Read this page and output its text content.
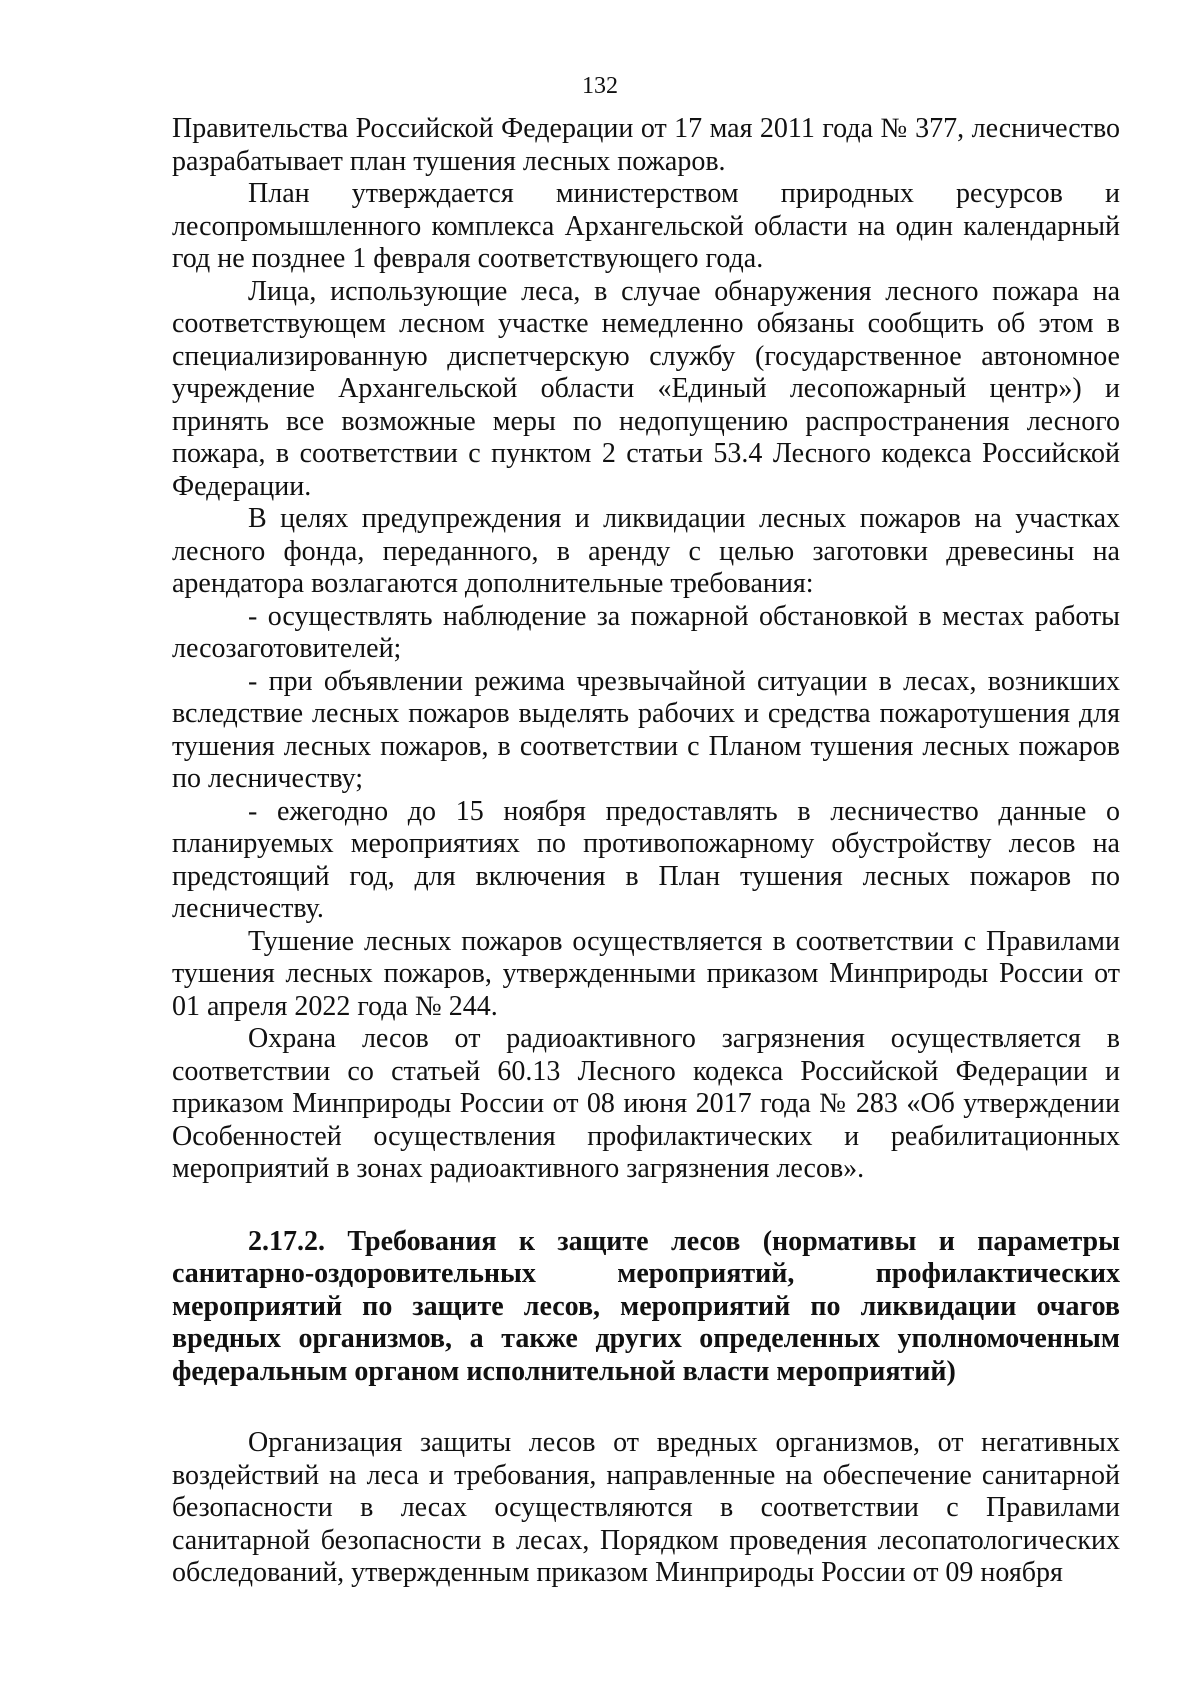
132

Правительства Российской Федерации от 17 мая 2011 года № 377, лесничество разрабатывает план тушения лесных пожаров.

План утверждается министерством природных ресурсов и лесопромышленного комплекса Архангельской области на один календарный год не позднее 1 февраля соответствующего года.

Лица, использующие леса, в случае обнаружения лесного пожара на соответствующем лесном участке немедленно обязаны сообщить об этом в специализированную диспетчерскую службу (государственное автономное учреждение Архангельской области «Единый лесопожарный центр») и принять все возможные меры по недопущению распространения лесного пожара, в соответствии с пунктом 2 статьи 53.4 Лесного кодекса Российской Федерации.

В целях предупреждения и ликвидации лесных пожаров на участках лесного фонда, переданного, в аренду с целью заготовки древесины на арендатора возлагаются дополнительные требования:

- осуществлять наблюдение за пожарной обстановкой в местах работы лесозаготовителей;

- при объявлении режима чрезвычайной ситуации в лесах, возникших вследствие лесных пожаров выделять рабочих и средства пожаротушения для тушения лесных пожаров, в соответствии с Планом тушения лесных пожаров по лесничеству;

- ежегодно до 15 ноября предоставлять в лесничество данные о планируемых мероприятиях по противопожарному обустройству лесов на предстоящий год, для включения в План тушения лесных пожаров по лесничеству.

Тушение лесных пожаров осуществляется в соответствии с Правилами тушения лесных пожаров, утвержденными приказом Минприроды России от 01 апреля 2022 года № 244.

Охрана лесов от радиоактивного загрязнения осуществляется в соответствии со статьей 60.13 Лесного кодекса Российской Федерации и приказом Минприроды России от 08 июня 2017 года № 283 «Об утверждении Особенностей осуществления профилактических и реабилитационных мероприятий в зонах радиоактивного загрязнения лесов».

2.17.2. Требования к защите лесов (нормативы и параметры санитарно-оздоровительных мероприятий, профилактических мероприятий по защите лесов, мероприятий по ликвидации очагов вредных организмов, а также других определенных уполномоченным федеральным органом исполнительной власти мероприятий)

Организация защиты лесов от вредных организмов, от негативных воздействий на леса и требования, направленные на обеспечение санитарной безопасности в лесах осуществляются в соответствии с Правилами санитарной безопасности в лесах, Порядком проведения лесопатологических обследований, утвержденным приказом Минприроды России от 09 ноября
